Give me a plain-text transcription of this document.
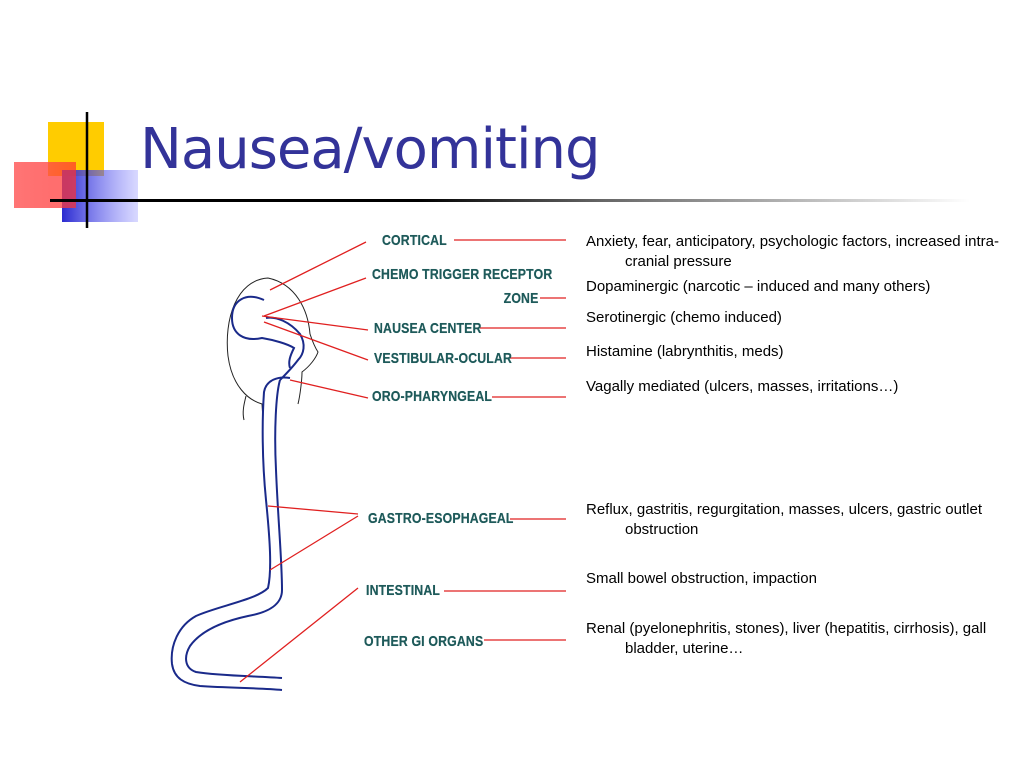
Nausea/vomiting
CORTICAL
CHEMO TRIGGER RECEPTOR
ZONE
NAUSEA CENTER
VESTIBULAR-OCULAR
ORO-PHARYNGEAL
GASTRO-ESOPHAGEAL
INTESTINAL
OTHER GI ORGANS
Anxiety, fear, anticipatory, psychologic factors, increased intra-cranial pressure
Dopaminergic (narcotic – induced and many others)
Serotinergic (chemo induced)
Histamine (labrynthitis, meds)
Vagally mediated (ulcers, masses, irritations…)
Reflux, gastritis, regurgitation, masses, ulcers, gastric outlet obstruction
Small bowel obstruction, impaction
Renal (pyelonephritis, stones), liver (hepatitis, cirrhosis), gall bladder, uterine…
